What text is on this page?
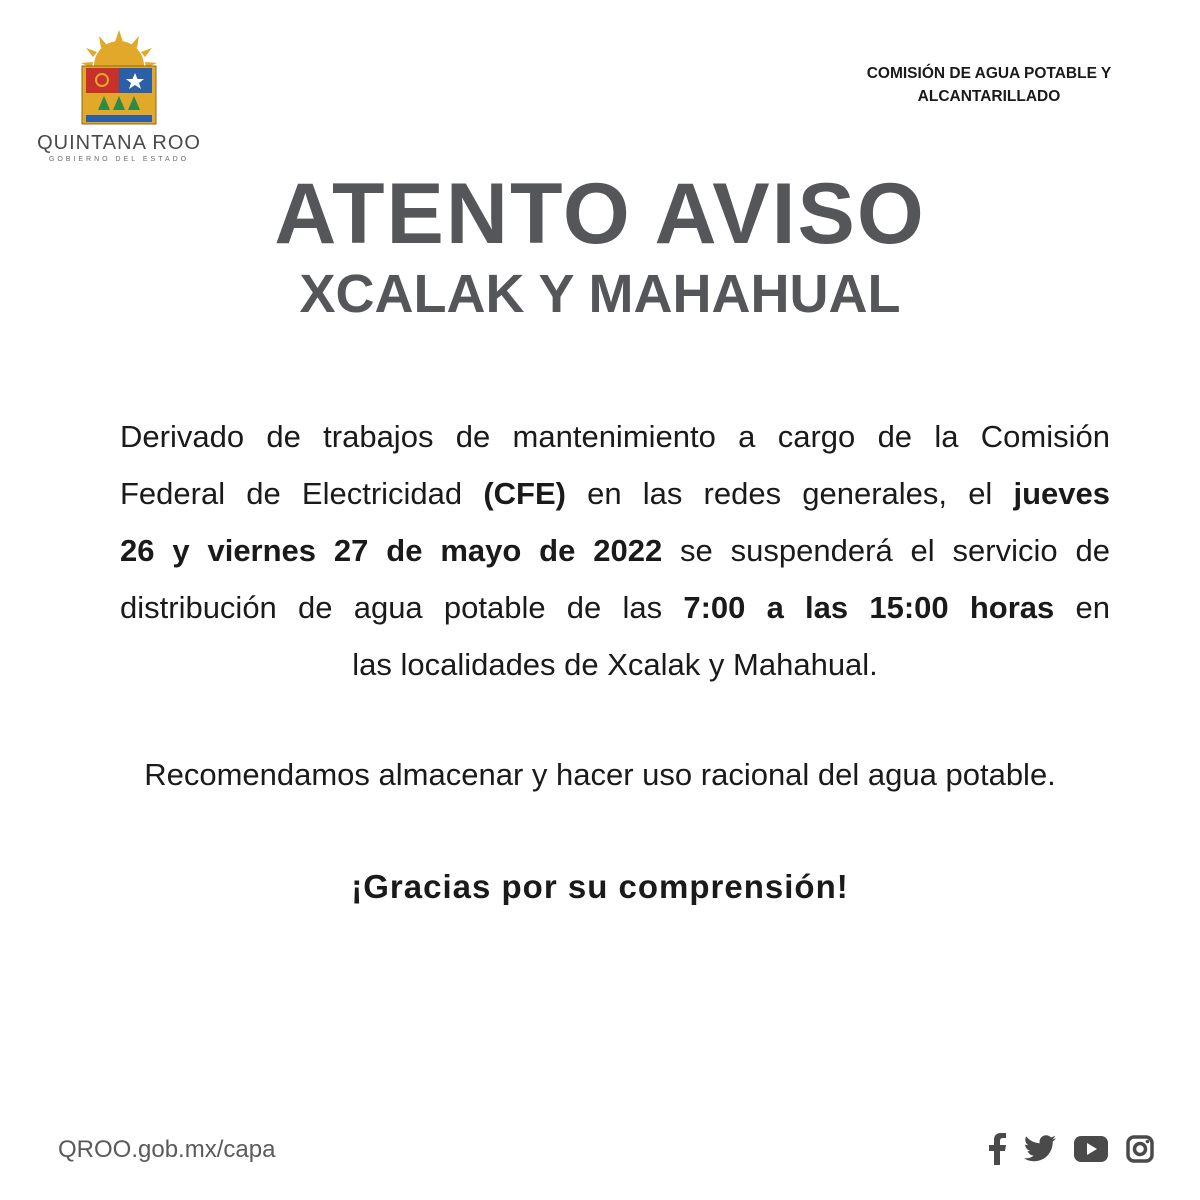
QUINTANA ROO
GOBIERNO DEL ESTADO
COMISIÓN DE AGUA POTABLE Y
ALCANTARILLADO
ATENTO AVISO
XCALAK Y MAHAHUAL
Derivado de trabajos de mantenimiento a cargo de la Comisión
Federal de Electricidad (CFE) en las redes generales, el jueves
26 y viernes 27 de mayo de 2022 se suspenderá el servicio de
distribución de agua potable de las 7:00 a las 15:00 horas en
las localidades de Xcalak y Mahahual.
Recomendamos almacenar y hacer uso racional del agua potable.
¡Gracias por su comprensión!
QROO.gob.mx/capa
